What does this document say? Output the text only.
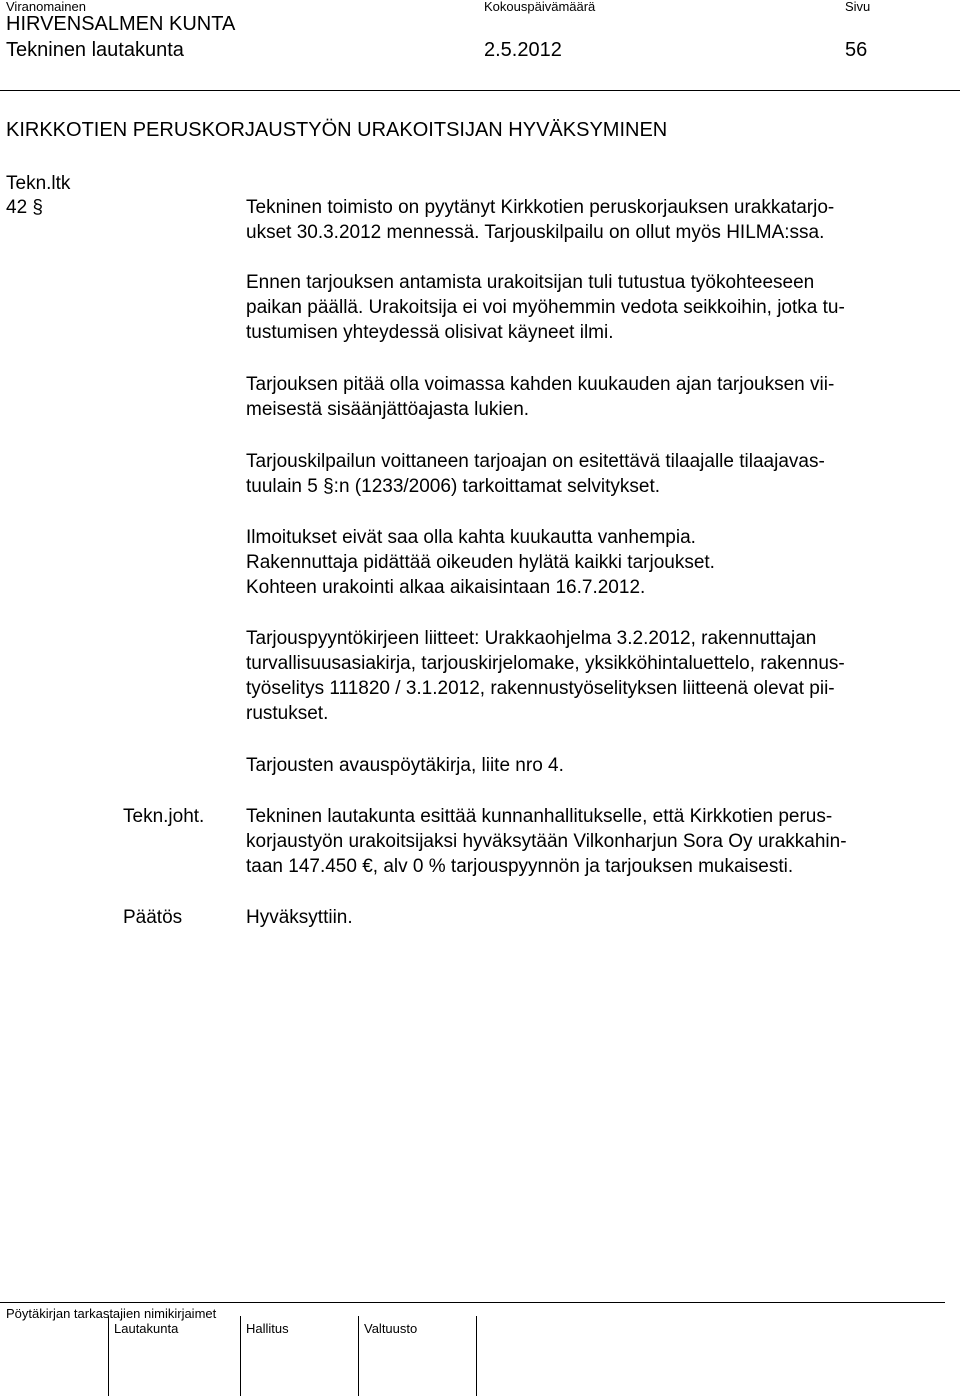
Viranomainen	Kokouspäivämäärä	Sivu
HIRVENSALMEN KUNTA
Tekninen lautakunta	2.5.2012	56
KIRKKOTIEN PERUSKORJAUSTYÖN URAKOITSIJAN HYVÄKSYMINEN
Tekn.ltk
42 §	Tekninen toimisto on pyytänyt Kirkkotien peruskorjauksen urakkatarjo-
ukset 30.3.2012 mennessä. Tarjouskilpailu on ollut myös HILMA:ssa.
Ennen tarjouksen antamista urakoitsijan tuli tutustua työkohteeseen
paikan päällä. Urakoitsija ei voi myöhemmin vedota seikkoihin, jotka tu-
tustumisen yhteydessä olisivat käyneet ilmi.
Tarjouksen pitää olla voimassa kahden kuukauden ajan tarjouksen vii-
meisestä sisäänjättöajasta lukien.
Tarjouskilpailun voittaneen tarjoajan on esitettävä tilaajalle tilaajavas-
tuulain 5 §:n (1233/2006) tarkoittamat selvitykset.
Ilmoitukset eivät saa olla kahta kuukautta vanhempia.
Rakennuttaja pidättää oikeuden hylätä kaikki tarjoukset.
Kohteen urakointi alkaa aikaisintaan 16.7.2012.
Tarjouspyyntökirjeen liitteet: Urakkaohjelma 3.2.2012, rakennuttajan
turvallisuusasiakirja, tarjouskirjelomake, yksikköhintaluettelo, rakennus-
työselitys 111820 / 3.1.2012, rakennustyöselityksen liitteenä olevat pii-
rustukset.
Tarjousten avauspöytäkirja, liite nro 4.
Tekn.joht. Tekninen lautakunta esittää kunnanhallitukselle, että Kirkkotien perus-
korjaustyön urakoitsijaksi hyväksytään Vilkonharjun Sora Oy urakkahin-
taan 147.450 €, alv 0 % tarjouspyynnön ja tarjouksen mukaisesti.
Päätös	Hyväksyttiin.
Pöytäkirjan tarkastajien nimikirjaimet
Lautakunta	Hallitus	Valtuusto
